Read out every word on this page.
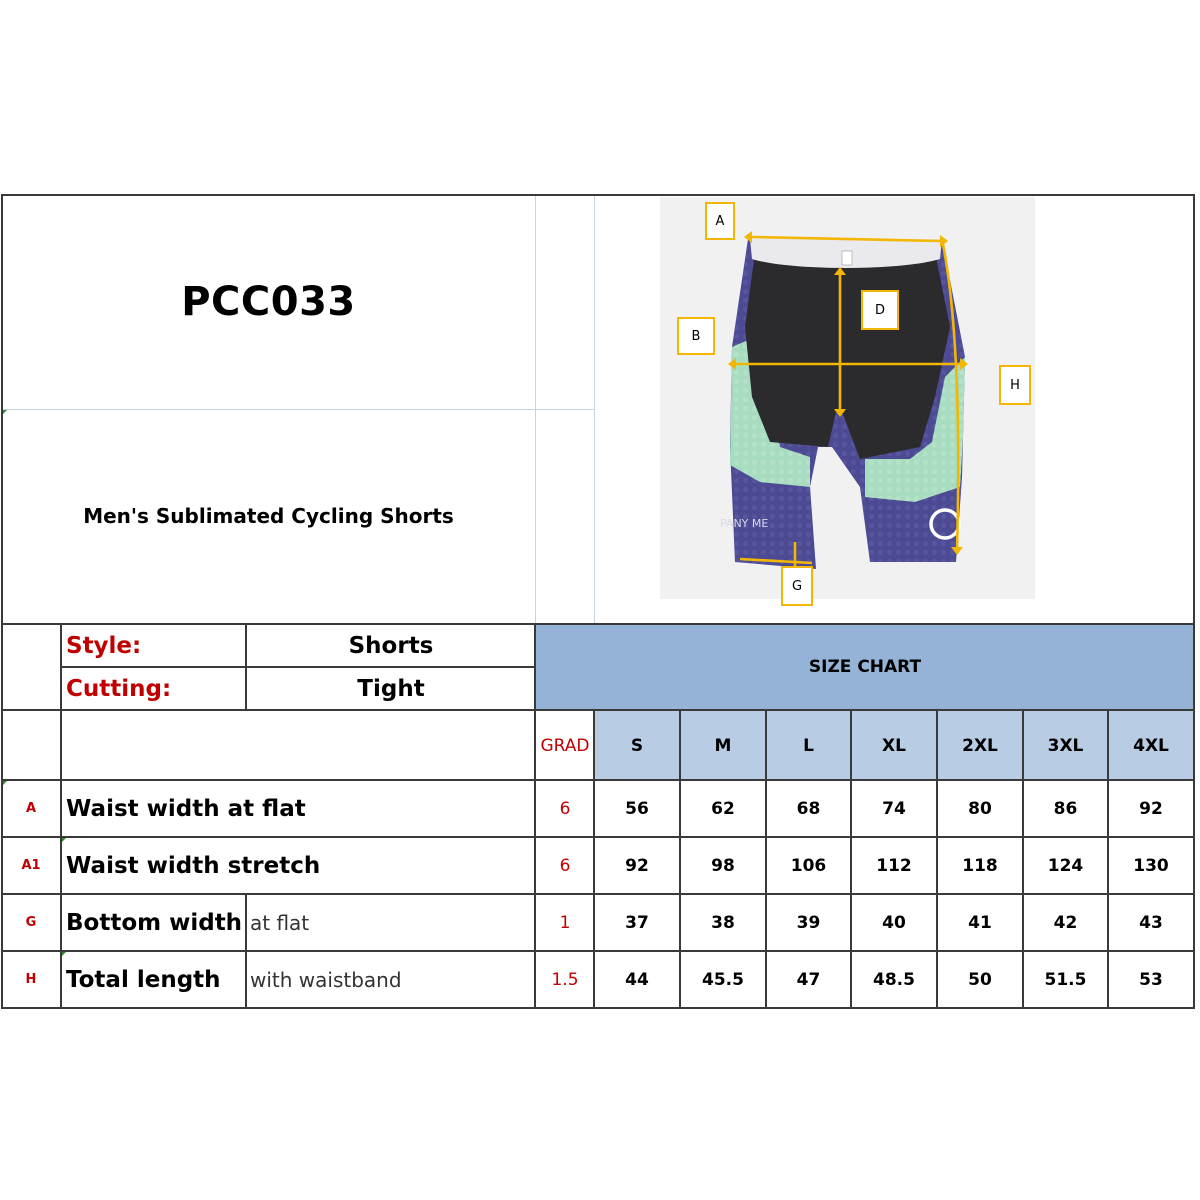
PCC033
Men's Sublimated Cycling Shorts	PANY ME
A
B
D
H
G
Style:	Shorts
Cutting:	Tight
SIZE CHART
GRAD	S	M	L	XL	2XL	3XL	4XL
A	Waist width at flat	6	56	62	68	74	80	86	92
A1	Waist width stretch	6	92	98	106	112	118	124	130
G	Bottom width at flat	1	37	38	39	40	41	42	43
H	Total length	with waistband	1.5	44	45.5	47	48.5	50	51.5	53
